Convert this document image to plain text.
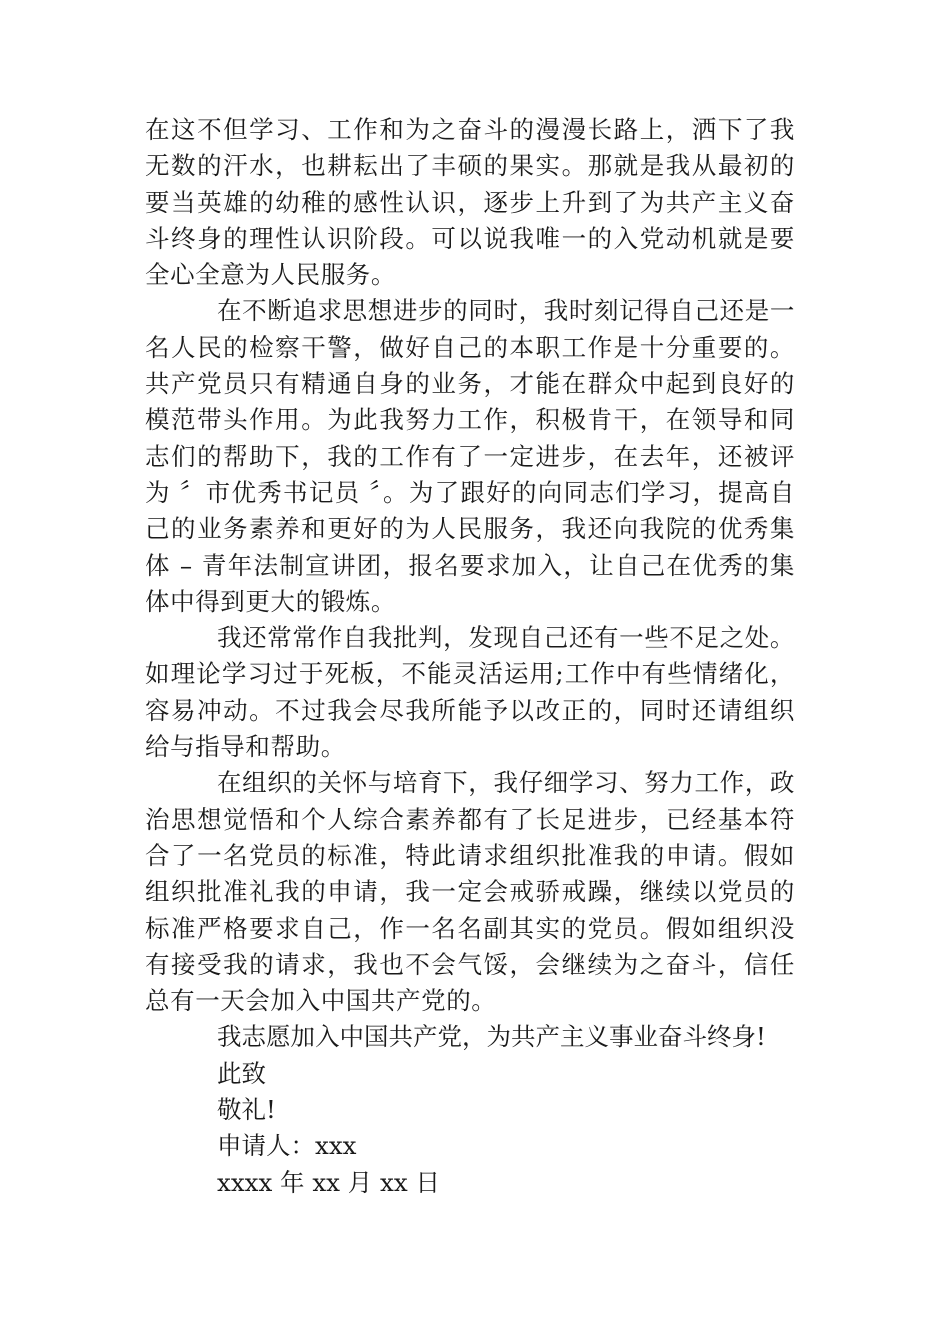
在这不但学习、工作和为之奋斗的漫漫长路上，洒下了我无数的汗水，也耕耘出了丰硕的果实。那就是我从最初的要当英雄的幼稚的感性认识，逐步上升到了为共产主义奋斗终身的理性认识阶段。可以说我唯一的入党动机就是要全心全意为人民服务。

在不断追求思想进步的同时，我时刻记得自己还是一名人民的检察干警，做好自己的本职工作是十分重要的。共产党员只有精通自身的业务，才能在群众中起到良好的模范带头作用。为此我努力工作，积极肯干，在领导和同志们的帮助下，我的工作有了一定进步，在去年，还被评为 〞市优秀书记员 〞。为了跟好的向同志们学习，提高自己的业务素养和更好的为人民服务，我还向我院的优秀集体 – 青年法制宣讲团，报名要求加入，让自己在优秀的集体中得到更大的锻炼。

我还常常作自我批判，发现自己还有一些不足之处。如理论学习过于死板，不能灵活运用;工作中有些情绪化，容易冲动。不过我会尽我所能予以改正的，同时还请组织给与指导和帮助。

在组织的关怀与培育下，我仔细学习、努力工作，政治思想觉悟和个人综合素养都有了长足进步，已经基本符合了一名党员的标准，特此请求组织批准我的申请。假如组织批准礼我的申请，我一定会戒骄戒躁，继续以党员的标准严格要求自己，作一名名副其实的党员。假如组织没有接受我的请求，我也不会气馁，会继续为之奋斗，信任总有一天会加入中国共产党的。

我志愿加入中国共产党，为共产主义事业奋斗终身!

此致

敬礼!

申请人：xxx

xxxx 年 xx 月 xx 日
